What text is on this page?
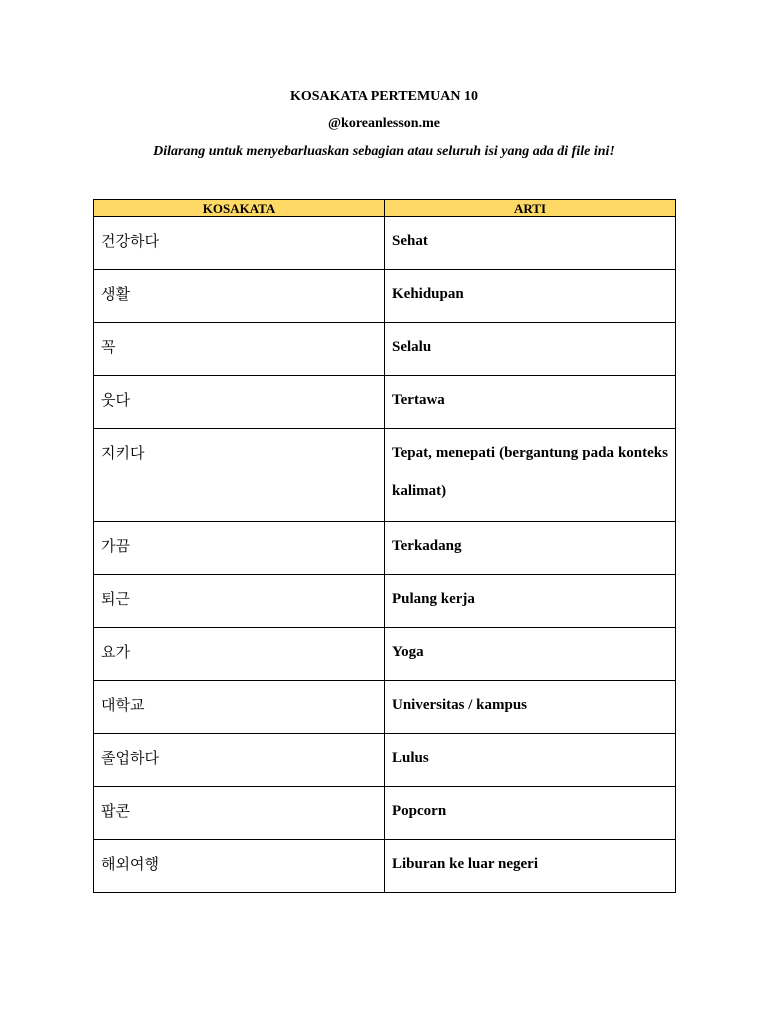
KOSAKATA PERTEMUAN 10
@koreanlesson.me
Dilarang untuk menyebarluaskan sebagian atau seluruh isi yang ada di file ini!
KOSAKATA	ARTI
건강하다	Sehat
생활	Kehidupan
꼭	Selalu
웃다	Tertawa
지키다	Tepat, menepati (bergantung pada konteks kalimat)
가끔	Terkadang
퇴근	Pulang kerja
요가	Yoga
대학교	Universitas / kampus
졸업하다	Lulus
팝콘	Popcorn
해외여행	Liburan ke luar negeri
